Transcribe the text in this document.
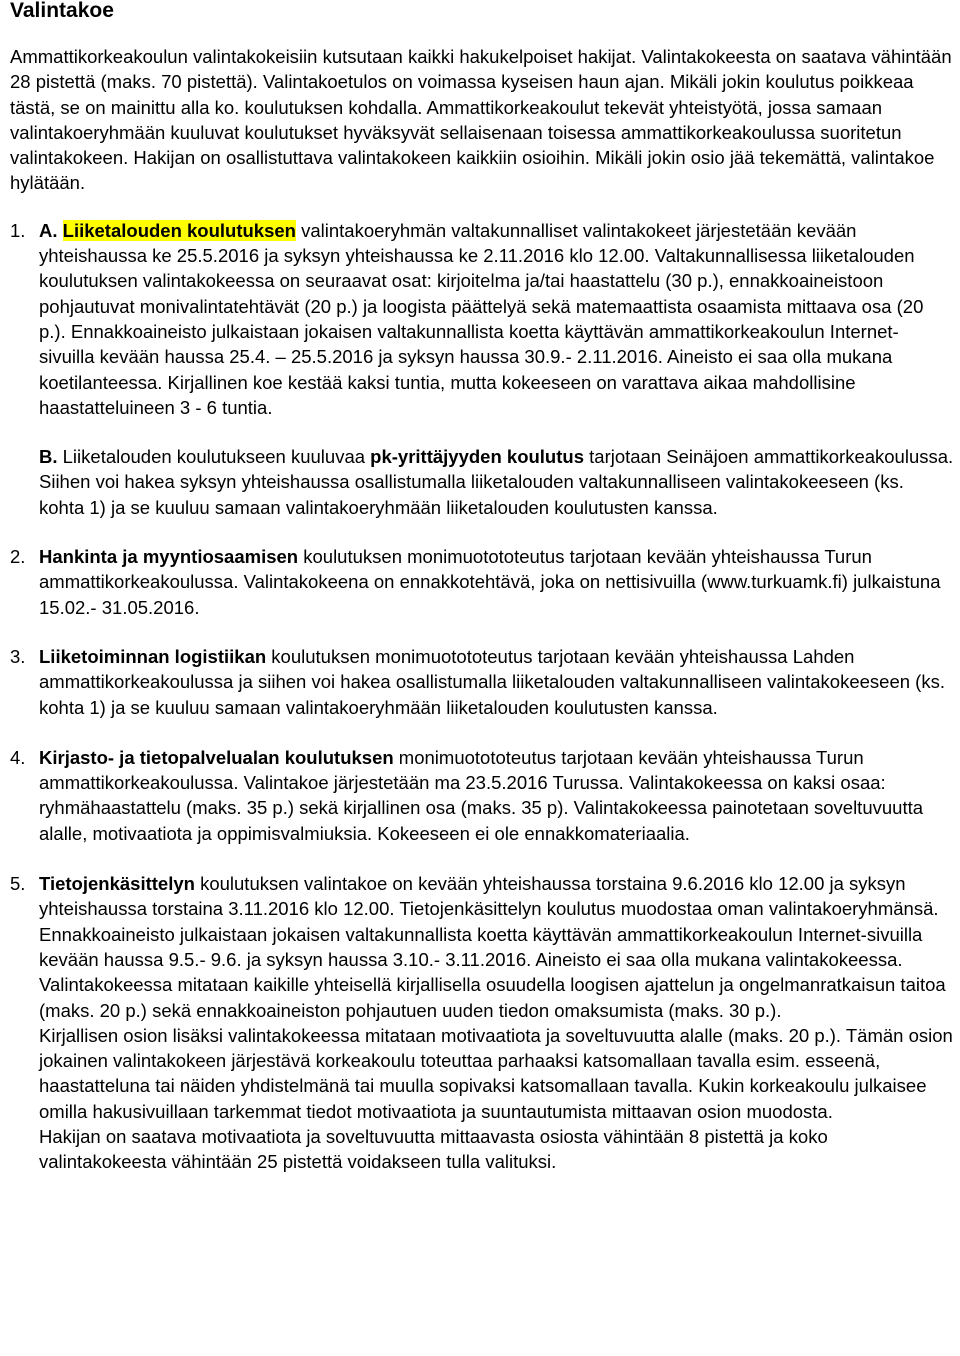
Valintakoe

Ammattikorkeakoulun valintakokeisiin kutsutaan kaikki hakukelpoiset hakijat. Valintakokeesta on saatava vähintään 28 pistettä (maks. 70 pistettä). Valintakoetulos on voimassa kyseisen haun ajan. Mikäli jokin koulutus poikkeaa tästä, se on mainittu alla ko. koulutuksen kohdalla. Ammattikorkeakoulut tekevät yhteistyötä, jossa samaan valintakoeryhmään kuuluvat koulutukset hyväksyvät sellaisenaan toisessa ammattikorkeakoulussa suoritetun valintakokeen. Hakijan on osallistuttava valintakokeen kaikkiin osioihin. Mikäli jokin osio jää tekemättä, valintakoe hylätään.

1. A. Liiketalouden koulutuksen valintakoeryhmän valtakunnalliset valintakokeet järjestetään kevään yhteishaussa ke 25.5.2016 ja syksyn yhteishaussa ke 2.11.2016 klo 12.00. Valtakunnallisessa liiketalouden koulutuksen valintakokeessa on seuraavat osat: kirjoitelma ja/tai haastattelu (30 p.), ennakkoaineistoon pohjautuvat monivalintatehtävät (20 p.) ja loogista päättelyä sekä matemaattista osaamista mittaava osa (20 p.). Ennakkoaineisto julkaistaan jokaisen valtakunnallista koetta käyttävän ammattikorkeakoulun Internet-sivuilla kevään haussa 25.4. – 25.5.2016 ja syksyn haussa 30.9.- 2.11.2016. Aineisto ei saa olla mukana koetilanteessa. Kirjallinen koe kestää kaksi tuntia, mutta kokeeseen on varattava aikaa mahdollisine haastatteluineen 3 - 6 tuntia.
B. Liiketalouden koulutukseen kuuluvaa pk-yrittäjyyden koulutus tarjotaan Seinäjoen ammattikorkeakoulussa. Siihen voi hakea syksyn yhteishaussa osallistumalla liiketalouden valtakunnalliseen valintakokeeseen (ks. kohta 1) ja se kuuluu samaan valintakoeryhmään liiketalouden koulutusten kanssa.
2. Hankinta ja myyntiosaamisen koulutuksen monimuotototeutus tarjotaan kevään yhteishaussa Turun ammattikorkeakoulussa. Valintakokeena on ennakkotehtävä, joka on nettisivuilla (www.turkuamk.fi) julkaistuna 15.02.- 31.05.2016.
3. Liiketoiminnan logistiikan koulutuksen monimuotototeutus tarjotaan kevään yhteishaussa Lahden ammattikorkeakoulussa ja siihen voi hakea osallistumalla liiketalouden valtakunnalliseen valintakokeeseen (ks. kohta 1) ja se kuuluu samaan valintakoeryhmään liiketalouden koulutusten kanssa.
4. Kirjasto- ja tietopalvelualan koulutuksen monimuotototeutus tarjotaan kevään yhteishaussa Turun ammattikorkeakoulussa. Valintakoe järjestetään ma 23.5.2016 Turussa. Valintakokeessa on kaksi osaa: ryhmähaastattelu (maks. 35 p.) sekä kirjallinen osa (maks. 35 p). Valintakokeessa painotetaan soveltuvuutta alalle, motivaatiota ja oppimisvalmiuksia. Kokeeseen ei ole ennakkomateriaalia.
5. Tietojenkäsittelyn koulutuksen valintakoe on kevään yhteishaussa torstaina 9.6.2016 klo 12.00 ja syksyn yhteishaussa torstaina 3.11.2016 klo 12.00. Tietojenkäsittelyn koulutus muodostaa oman valintakoeryhmänsä. Ennakkoaineisto julkaistaan jokaisen valtakunnallista koetta käyttävän ammattikorkeakoulun Internet-sivuilla kevään haussa 9.5.- 9.6. ja syksyn haussa 3.10.- 3.11.2016. Aineisto ei saa olla mukana valintakokeessa.
Valintakokeessa mitataan kaikille yhteisellä kirjallisella osuudella loogisen ajattelun ja ongelmanratkaisun taitoa (maks. 20 p.) sekä ennakkoaineiston pohjautuen uuden tiedon omaksumista (maks. 30 p.).
Kirjallisen osion lisäksi valintakokeessa mitataan motivaatiota ja soveltuvuutta alalle (maks. 20 p.). Tämän osion jokainen valintakokeen järjestävä korkeakoulu toteuttaa parhaaksi katsomallaan tavalla esim. esseenä, haastatteluna tai näiden yhdistelmänä tai muulla sopivaksi katsomallaan tavalla. Kukin korkeakoulu julkaisee omilla hakusivuillaan tarkemmat tiedot motivaatiota ja suuntautumista mittaavan osion muodosta.
Hakijan on saatava motivaatiota ja soveltuvuutta mittaavasta osiosta vähintään 8 pistettä ja koko valintakokeesta vähintään 25 pistettä voidakseen tulla valituksi.
